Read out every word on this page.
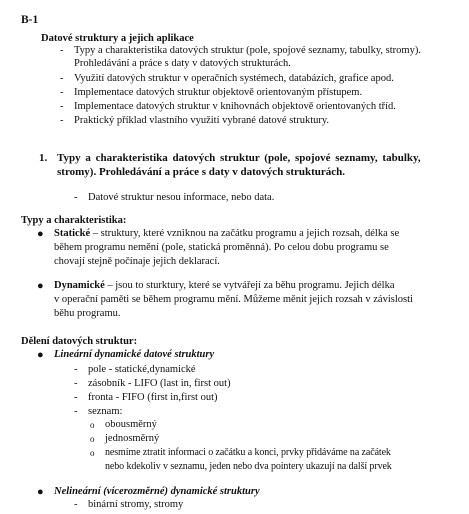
B-1
Datové struktury a jejich aplikace
- Typy a charakteristika datových struktur (pole, spojové seznamy, tabulky, stromy).
Prohledávání a práce s daty v datových strukturách.
- Využití datových struktur v operačních systémech, databázích, grafice apod.
- Implementace datových struktur objektově orientovaným přístupem.
- Implementace datových struktur v knihovnách objektově orientovaných tříd.
- Praktický příklad vlastního využití vybrané datové struktury.
1. Typy a charakteristika datových struktur (pole, spojové seznamy, tabulky,
stromy). Prohledávání a práce s daty v datových strukturách.
- Datové struktur nesou informace, nebo data.
Typy a charakteristika:
● Statické – struktury, které vzniknou na začátku programu a jejich rozsah, délka se
během programu nemění (pole, statická proměnná). Po celou dobu programu se
chovají stejně počínaje jejich deklarací.
● Dynamické – jsou to sturktury, které se vytvářejí za běhu programu. Jejich délka
v operační paměti se během programu mění. Můžeme měnit jejich rozsah v závislosti
běhu programu.
Dělení datových struktur:
● Lineární dynamické datové struktury
- pole - statické,dynamické
- zásobník - LIFO (last in, first out)
- fronta - FIFO (first in,first out)
- seznam:
o obousměrný
o jednosměrný
o nesmíme ztratit informaci o začátku a konci, prvky přidáváme na začátek
nebo kdekoliv v seznamu, jeden nebo dva pointery ukazují na další prvek
● Nelineární (vícerozměrné) dynamické struktury
- binární stromy, stromy
